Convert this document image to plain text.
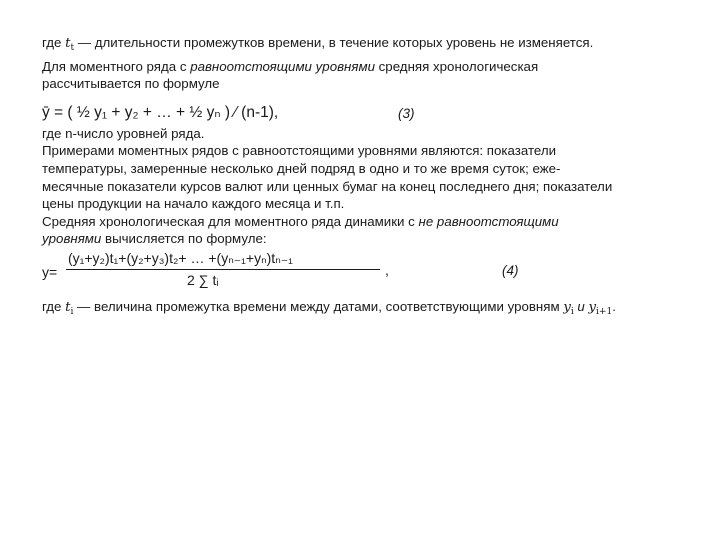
где $t_t$ — длительности промежутков времени, в течение которых уровень не изменяется.
Для моментного ряда с равноотстоящими уровнями средняя хронологическая
рассчитывается по формуле
ȳ = ( ½ y₁ + y₂ + … + ½ yₙ ) ⁄ (n-1),	(3)
где n-число уровней ряда.
Примерами моментных рядов с равноотстоящими уровнями являются: показатели
температуры, замеренные несколько дней подряд в одно и то же время суток; еже-
месячные показатели курсов валют или ценных бумаг на конец последнего дня; показатели
цены продукции на начало каждого месяца и т.п.
Средняя хронологическая для моментного ряда динамики с не равноотстоящими
уровнями вычисляется по формуле:
y=
(y₁+y₂)t₁+(y₂+y₃)t₂+ … +(yₙ₋₁+yₙ)tₙ₋₁
2 ∑ tᵢ
,	(4)
где $t_i$ — величина промежутка времени между датами, соответствующими уровням $y_i$ и $y_{i+1}$.
